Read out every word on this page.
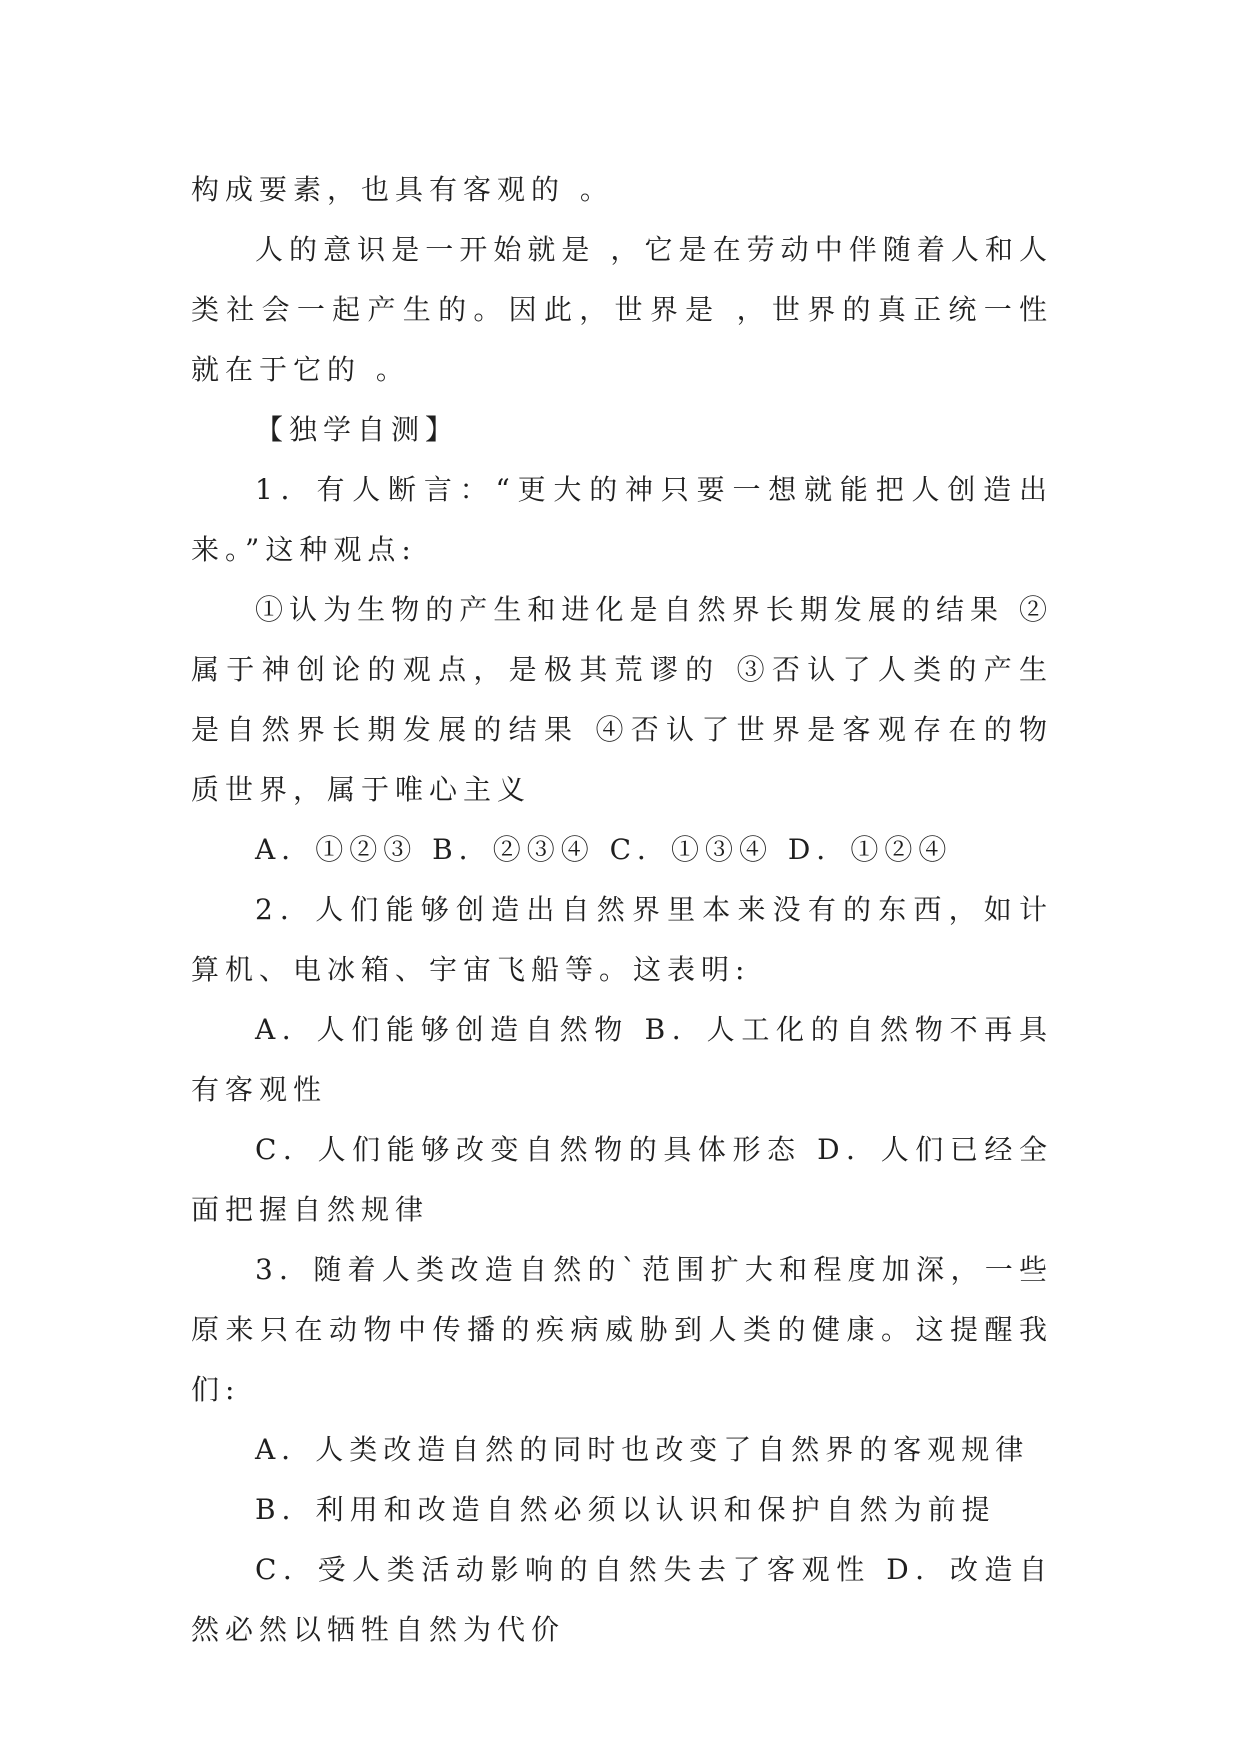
构成要素，也具有客观的 。

人的意识是一开始就是 ，它是在劳动中伴随着人和人类社会一起产生的。因此，世界是 ，世界的真正统一性就在于它的 。

【独学自测】

1．有人断言：“更大的神只要一想就能把人创造出来。”这种观点:

①认为生物的产生和进化是自然界长期发展的结果 ②属于神创论的观点，是极其荒谬的 ③否认了人类的产生是自然界长期发展的结果 ④否认了世界是客观存在的物质世界，属于唯心主义

A．①②③ B．②③④ C．①③④ D．①②④

2．人们能够创造出自然界里本来没有的东西，如计算机、电冰箱、宇宙飞船等。这表明:

A．人们能够创造自然物 B．人工化的自然物不再具有客观性

C．人们能够改变自然物的具体形态 D．人们已经全面把握自然规律

3．随着人类改造自然的`范围扩大和程度加深，一些原来只在动物中传播的疾病威胁到人类的健康。这提醒我们:

A．人类改造自然的同时也改变了自然界的客观规律

B．利用和改造自然必须以认识和保护自然为前提

C．受人类活动影响的自然失去了客观性 D．改造自然必然以牺牲自然为代价
